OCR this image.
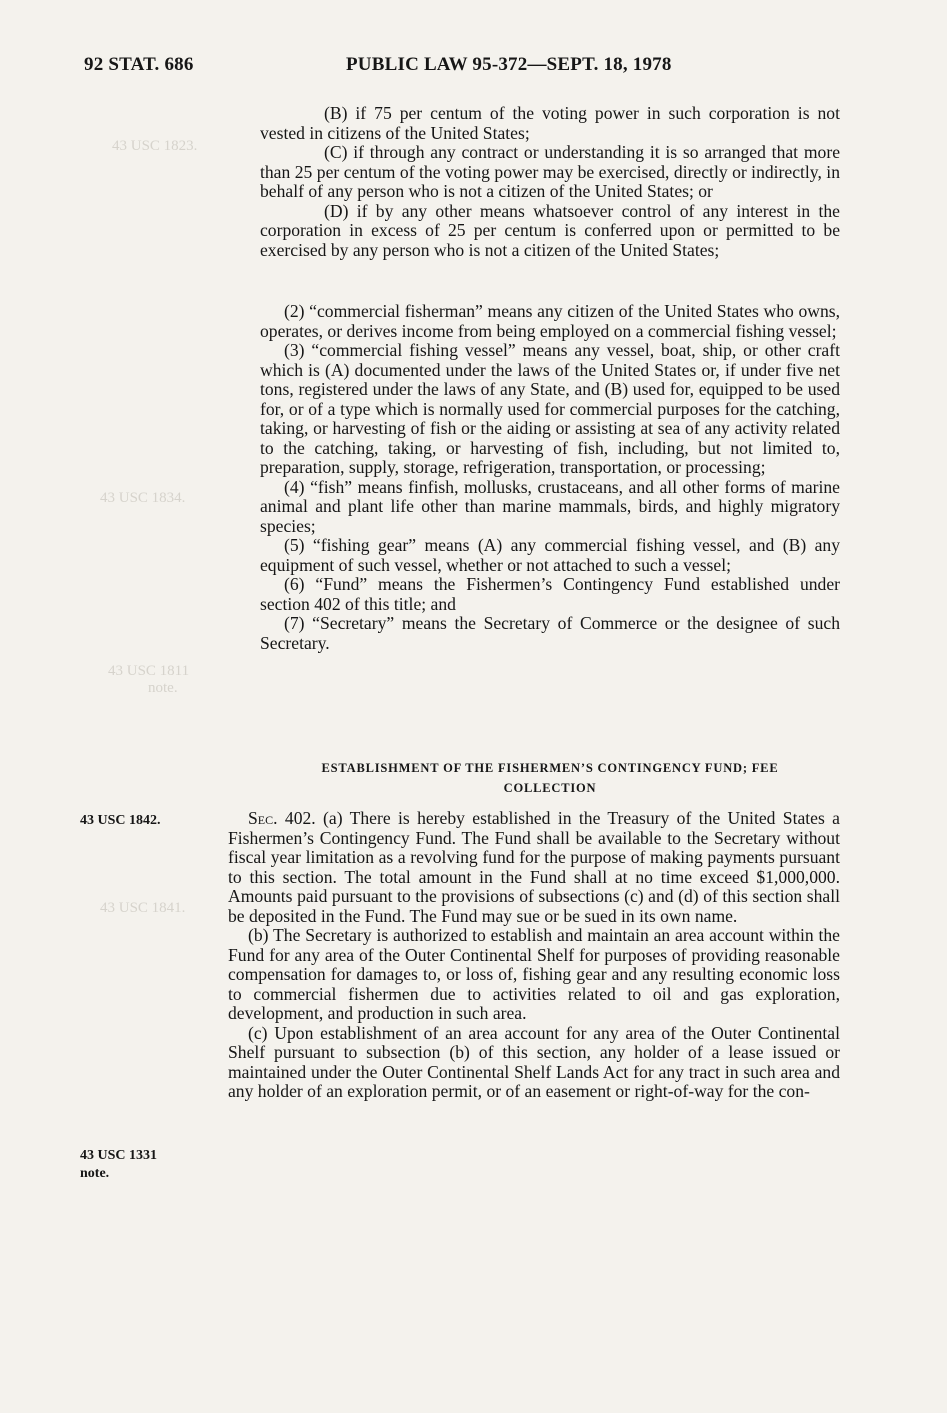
43 USC 1823.
43 USC 1834.
43 USC 1811
note.
43 USC 1841.
92 STAT. 686	PUBLIC LAW 95-372—SEPT. 18, 1978

(B) if 75 per centum of the voting power in such corporation is not vested in citizens of the United States;

(C) if through any contract or understanding it is so arranged that more than 25 per centum of the voting power may be exercised, directly or indirectly, in behalf of any person who is not a citizen of the United States; or

(D) if by any other means whatsoever control of any interest in the corporation in excess of 25 per centum is conferred upon or permitted to be exercised by any person who is not a citizen of the United States;

(2) “commercial fisherman” means any citizen of the United States who owns, operates, or derives income from being employed on a commercial fishing vessel;

(3) “commercial fishing vessel” means any vessel, boat, ship, or other craft which is (A) documented under the laws of the United States or, if under five net tons, registered under the laws of any State, and (B) used for, equipped to be used for, or of a type which is normally used for commercial purposes for the catching, taking, or harvesting of fish or the aiding or assisting at sea of any activity related to the catching, taking, or harvesting of fish, including, but not limited to, preparation, supply, storage, refrigeration, transportation, or processing;

(4) “fish” means finfish, mollusks, crustaceans, and all other forms of marine animal and plant life other than marine mammals, birds, and highly migratory species;

(5) “fishing gear” means (A) any commercial fishing vessel, and (B) any equipment of such vessel, whether or not attached to such a vessel;

(6) “Fund” means the Fishermen’s Contingency Fund established under section 402 of this title; and

(7) “Secretary” means the Secretary of Commerce or the designee of such Secretary.

ESTABLISHMENT OF THE FISHERMEN’S CONTINGENCY FUND; FEE
COLLECTION
43 USC 1842.
43 USC 1331
note.

Sec. 402. (a) There is hereby established in the Treasury of the United States a Fishermen’s Contingency Fund. The Fund shall be available to the Secretary without fiscal year limitation as a revolving fund for the purpose of making payments pursuant to this section. The total amount in the Fund shall at no time exceed $1,000,000. Amounts paid pursuant to the provisions of subsections (c) and (d) of this section shall be deposited in the Fund. The Fund may sue or be sued in its own name.

(b) The Secretary is authorized to establish and maintain an area account within the Fund for any area of the Outer Continental Shelf for purposes of providing reasonable compensation for damages to, or loss of, fishing gear and any resulting economic loss to commercial fishermen due to activities related to oil and gas exploration, development, and production in such area.

(c) Upon establishment of an area account for any area of the Outer Continental Shelf pursuant to subsection (b) of this section, any holder of a lease issued or maintained under the Outer Continental Shelf Lands Act for any tract in such area and any holder of an exploration permit, or of an easement or right-of-way for the con-
